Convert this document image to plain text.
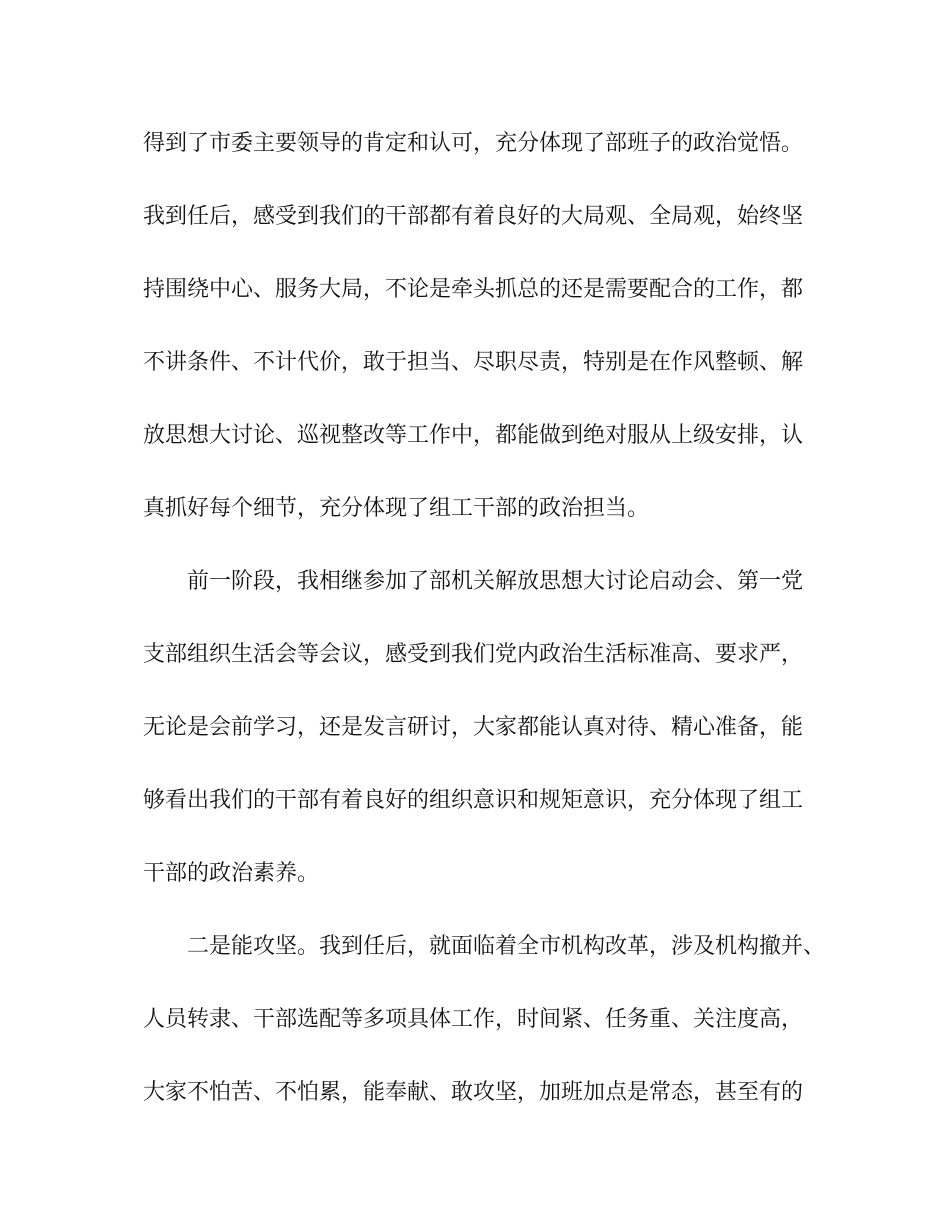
得到了市委主要领导的肯定和认可，充分体现了部班子的政治觉悟。
我到任后，感受到我们的干部都有着良好的大局观、全局观，始终坚
持围绕中心、服务大局，不论是牵头抓总的还是需要配合的工作，都
不讲条件、不计代价，敢于担当、尽职尽责，特别是在作风整顿、解
放思想大讨论、巡视整改等工作中，都能做到绝对服从上级安排，认
真抓好每个细节，充分体现了组工干部的政治担当。
前一阶段，我相继参加了部机关解放思想大讨论启动会、第一党
支部组织生活会等会议，感受到我们党内政治生活标准高、要求严，
无论是会前学习，还是发言研讨，大家都能认真对待、精心准备，能
够看出我们的干部有着良好的组织意识和规矩意识，充分体现了组工
干部的政治素养。
二是能攻坚。我到任后，就面临着全市机构改革，涉及机构撤并、
人员转隶、干部选配等多项具体工作，时间紧、任务重、关注度高，
大家不怕苦、不怕累，能奉献、敢攻坚，加班加点是常态，甚至有的
